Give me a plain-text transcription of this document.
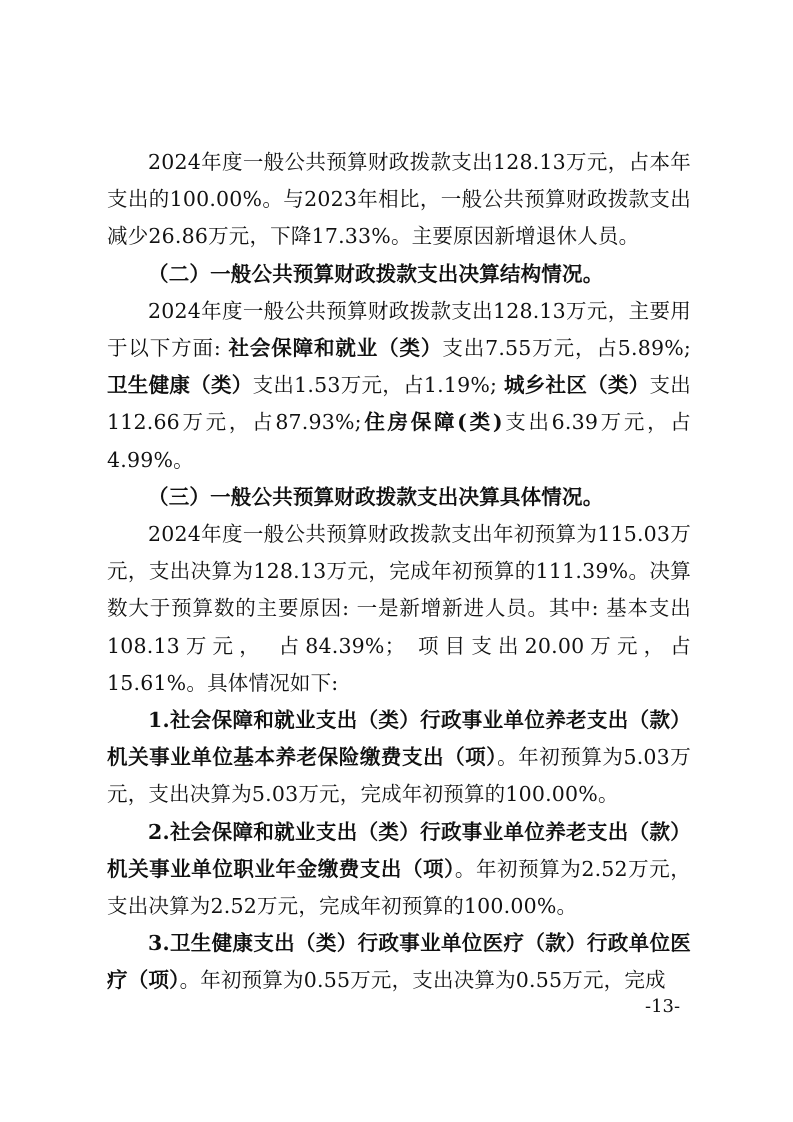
2024年度一般公共预算财政拨款支出128.13万元，占本年支出的100.00%。与2023年相比，一般公共预算财政拨款支出减少26.86万元，下降17.33%。主要原因新增退休人员。

（二）一般公共预算财政拨款支出决算结构情况。

2024年度一般公共预算财政拨款支出128.13万元，主要用于以下方面: 社会保障和就业（类）支出7.55万元，占5.89%; 卫生健康（类）支出1.53万元，占1.19%; 城乡社区（类）支出112.66万元，占87.93%;住房保障(类)支出6.39万元，占4.99%。

（三）一般公共预算财政拨款支出决算具体情况。

2024年度一般公共预算财政拨款支出年初预算为115.03万元，支出决算为128.13万元，完成年初预算的111.39%。决算数大于预算数的主要原因: 一是新增新进人员。其中: 基本支出108.13万元， 占84.39%； 项目支出20.00万元，占15.61%。具体情况如下:

1.社会保障和就业支出（类）行政事业单位养老支出（款）机关事业单位基本养老保险缴费支出（项）。年初预算为5.03万元，支出决算为5.03万元，完成年初预算的100.00%。

2.社会保障和就业支出（类）行政事业单位养老支出（款）机关事业单位职业年金缴费支出（项）。年初预算为2.52万元，支出决算为2.52万元，完成年初预算的100.00%。

3.卫生健康支出（类）行政事业单位医疗（款）行政单位医疗（项）。年初预算为0.55万元，支出决算为0.55万元，完成

-13-
